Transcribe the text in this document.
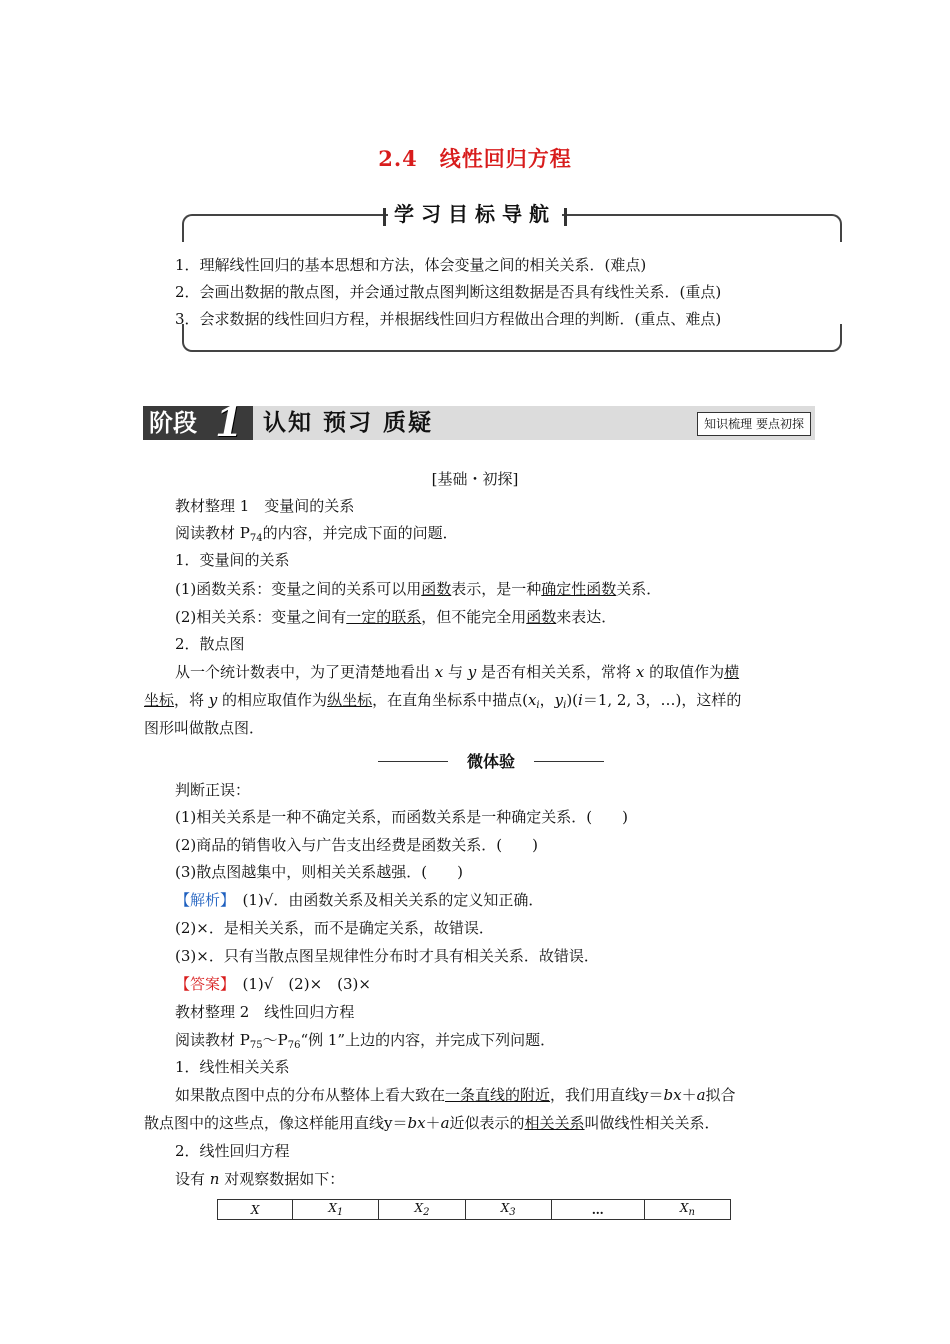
2.4　线性回归方程
学习目标导航
1．理解线性回归的基本思想和方法，体会变量之间的相关关系．(难点)
2．会画出数据的散点图，并会通过散点图判断这组数据是否具有线性关系．(重点)
3．会求数据的线性回归方程，并根据线性回归方程做出合理的判断．(重点、难点)
阶段 1 认知 预习 质疑	知识梳理 要点初探
[基础・初探]
教材整理 1　变量间的关系
阅读教材 $P_{74}$的内容，并完成下面的问题．
1．变量间的关系
(1)函数关系：变量之间的关系可以用函数表示，是一种确定性函数关系．
(2)相关关系：变量之间有一定的联系，但不能完全用函数来表达．
2．散点图
从一个统计数表中，为了更清楚地看出 x 与 y 是否有相关关系，常将 x 的取值作为横
坐标，将 y 的相应取值作为纵坐标，在直角坐标系中描点($x_i$，$y_i)(i=1$, 2, 3，…)，这样的
图形叫做散点图．
微体验
判断正误：
(1)相关关系是一种不确定关系，而函数关系是一种确定关系．(　　)
(2)商品的销售收入与广告支出经费是函数关系．(　　)
(3)散点图越集中，则相关关系越强．(　　)
【解析】　(1)√．由函数关系及相关关系的定义知正确．
(2)×．是相关关系，而不是确定关系，故错误．
(3)×．只有当散点图呈规律性分布时才具有相关关系．故错误．
【答案】　(1)√　(2)×　(3)×
教材整理 2　线性回归方程
阅读教材 $P_{75}\sim P_{76}“$例 1”上边的内容，并完成下列问题．
1．线性相关关系
如果散点图中点的分布从整体上看大致在一条直线的附近，我们用直线y＝bx＋a拟合
散点图中的这些点，像这样能用直线y＝bx＋a近似表示的相关关系叫做线性相关关系．
2．线性回归方程
设有 n 对观察数据如下：
X	$X_1$	$X_2$	$X_3$	…	$X_n$
